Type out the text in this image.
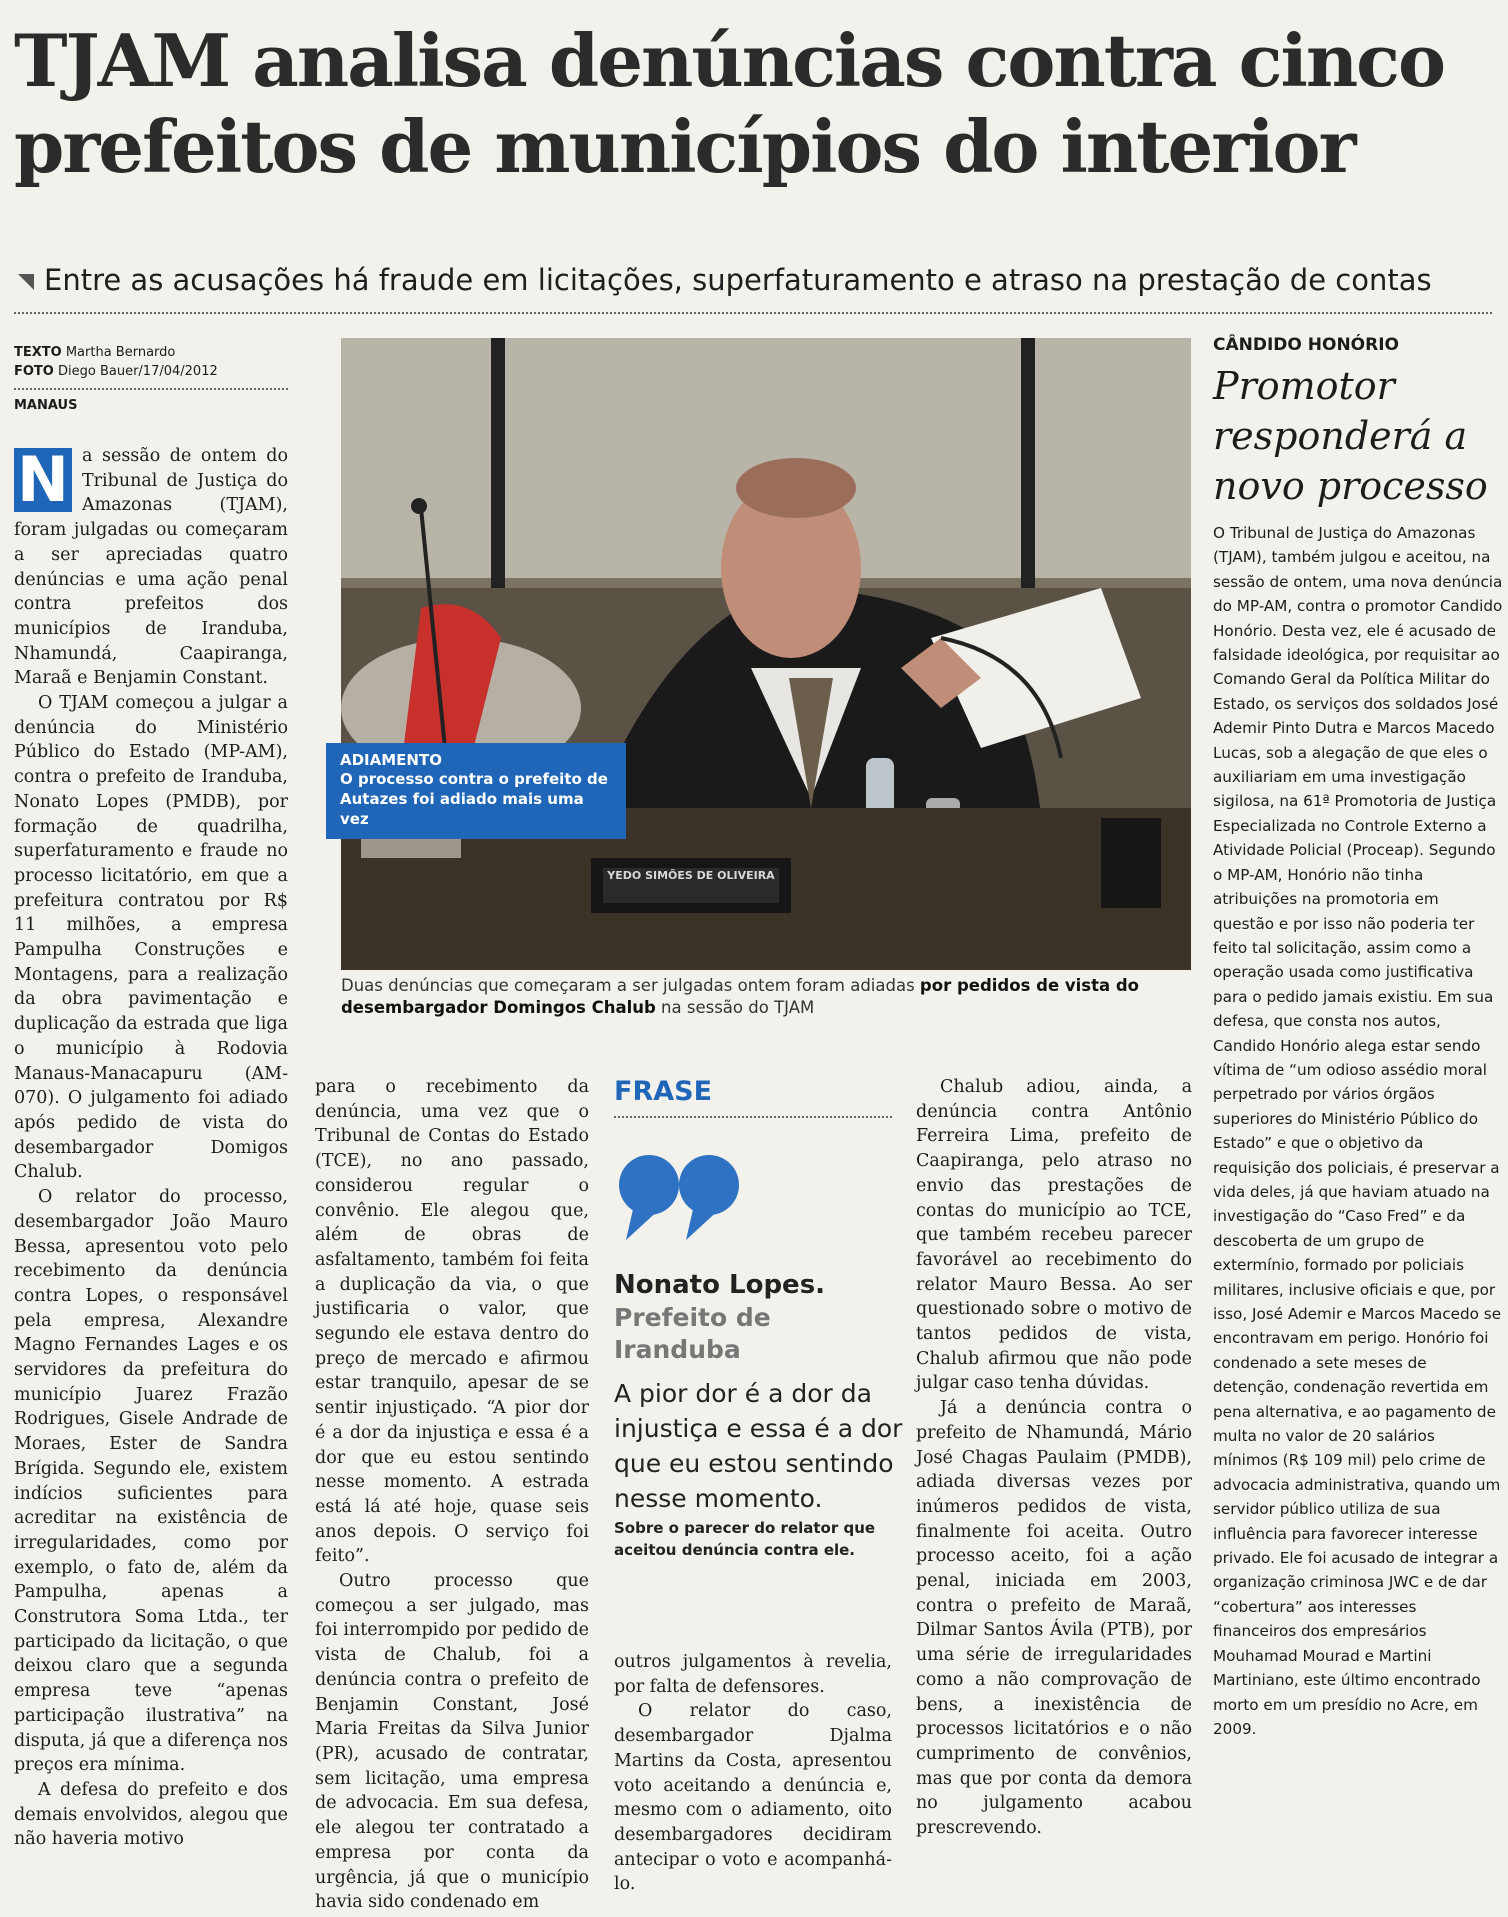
TJAM analisa denúncias contra cinco prefeitos de municípios do interior
Entre as acusações há fraude em licitações, superfaturamento e atraso na prestação de contas
TEXTO Martha Bernardo
FOTO Diego Bauer/17/04/2012
MANAUS

N a sessão de ontem do Tribunal de Justiça do Amazonas (TJAM), foram julgadas ou começaram a ser apreciadas quatro denúncias e uma ação penal contra prefeitos dos municípios de Iranduba, Nhamundá, Caapiranga, Maraã e Benjamin Constant.

O TJAM começou a julgar a denúncia do Ministério Público do Estado (MP-AM), contra o prefeito de Iranduba, Nonato Lopes (PMDB), por formação de quadrilha, superfaturamento e fraude no processo licitatório, em que a prefeitura contratou por R$ 11 milhões, a empresa Pampulha Construções e Montagens, para a realização da obra pavimentação e duplicação da estrada que liga o município à Rodovia Manaus-Manacapuru (AM-070). O julgamento foi adiado após pedido de vista do desembargador Domigos Chalub.

O relator do processo, desembargador João Mauro Bessa, apresentou voto pelo recebimento da denúncia contra Lopes, o responsável pela empresa, Alexandre Magno Fernandes Lages e os servidores da prefeitura do município Juarez Frazão Rodrigues, Gisele Andrade de Moraes, Ester de Sandra Brígida. Segundo ele, existem indícios suficientes para acreditar na existência de irregularidades, como por exemplo, o fato de, além da Pampulha, apenas a Construtora Soma Ltda., ter participado da licitação, o que deixou claro que a segunda empresa teve “apenas participação ilustrativa” na disputa, já que a diferença nos preços era mínima.

A defesa do prefeito e dos demais envolvidos, alegou que não haveria motivo

YEDO SIMÕES DE OLIVEIRA
ADIAMENTO
O processo contra o prefeito de Autazes foi adiado mais uma vez
Duas denúncias que começaram a ser julgadas ontem foram adiadas por pedidos de vista do desembargador Domingos Chalub na sessão do TJAM

para o recebimento da denúncia, uma vez que o Tribunal de Contas do Estado (TCE), no ano passado, considerou regular o convênio. Ele alegou que, além de obras de asfaltamento, também foi feita a duplicação da via, o que justificaria o valor, que segundo ele estava dentro do preço de mercado e afirmou estar tranquilo, apesar de se sentir injustiçado. “A pior dor é a dor da injustiça e essa é a dor que eu estou sentindo nesse momento. A estrada está lá até hoje, quase seis anos depois. O serviço foi feito”.

Outro processo que começou a ser julgado, mas foi interrompido por pedido de vista de Chalub, foi a denúncia contra o prefeito de Benjamin Constant, José Maria Freitas da Silva Junior (PR), acusado de contratar, sem licitação, uma empresa de advocacia. Em sua defesa, ele alegou ter contratado a empresa por conta da urgência, já que o município havia sido condenado em

FRASE
Nonato Lopes.
Prefeito de Iranduba
A pior dor é a dor da injustiça e essa é a dor que eu estou sentindo nesse momento.
Sobre o parecer do relator que aceitou denúncia contra ele.

outros julgamentos à revelia, por falta de defensores.

O relator do caso, desembargador Djalma Martins da Costa, apresentou voto aceitando a denúncia e, mesmo com o adiamento, oito desembargadores decidiram antecipar o voto e acompanhá-lo.

Chalub adiou, ainda, a denúncia contra Antônio Ferreira Lima, prefeito de Caapiranga, pelo atraso no envio das prestações de contas do município ao TCE, que também recebeu parecer favorável ao recebimento do relator Mauro Bessa. Ao ser questionado sobre o motivo de tantos pedidos de vista, Chalub afirmou que não pode julgar caso tenha dúvidas.

Já a denúncia contra o prefeito de Nhamundá, Mário José Chagas Paulaim (PMDB), adiada diversas vezes por inúmeros pedidos de vista, finalmente foi aceita. Outro processo aceito, foi a ação penal, iniciada em 2003, contra o prefeito de Maraã, Dilmar Santos Ávila (PTB), por uma série de irregularidades como a não comprovação de bens, a inexistência de processos licitatórios e o não cumprimento de convênios, mas que por conta da demora no julgamento acabou prescrevendo.

CÂNDIDO HONÓRIO
Promotor responderá a novo processo
O Tribunal de Justiça do Amazonas (TJAM), também julgou e aceitou, na sessão de ontem, uma nova denúncia do MP-AM, contra o promotor Candido Honório. Desta vez, ele é acusado de falsidade ideológica, por requisitar ao Comando Geral da Política Militar do Estado, os serviços dos soldados José Ademir Pinto Dutra e Marcos Macedo Lucas, sob a alegação de que eles o auxiliariam em uma investigação sigilosa, na 61ª Promotoria de Justiça Especializada no Controle Externo a Atividade Policial (Proceap). Segundo o MP-AM, Honório não tinha atribuições na promotoria em questão e por isso não poderia ter feito tal solicitação, assim como a operação usada como justificativa para o pedido jamais existiu. Em sua defesa, que consta nos autos, Candido Honório alega estar sendo vítima de “um odioso assédio moral perpetrado por vários órgãos superiores do Ministério Público do Estado” e que o objetivo da requisição dos policiais, é preservar a vida deles, já que haviam atuado na investigação do “Caso Fred” e da descoberta de um grupo de extermínio, formado por policiais militares, inclusive oficiais e que, por isso, José Ademir e Marcos Macedo se encontravam em perigo. Honório foi condenado a sete meses de detenção, condenação revertida em pena alternativa, e ao pagamento de multa no valor de 20 salários mínimos (R$ 109 mil) pelo crime de advocacia administrativa, quando um servidor público utiliza de sua influência para favorecer interesse privado. Ele foi acusado de integrar a organização criminosa JWC e de dar “cobertura” aos interesses financeiros dos empresários Mouhamad Mourad e Martini Martiniano, este último encontrado morto em um presídio no Acre, em 2009.
